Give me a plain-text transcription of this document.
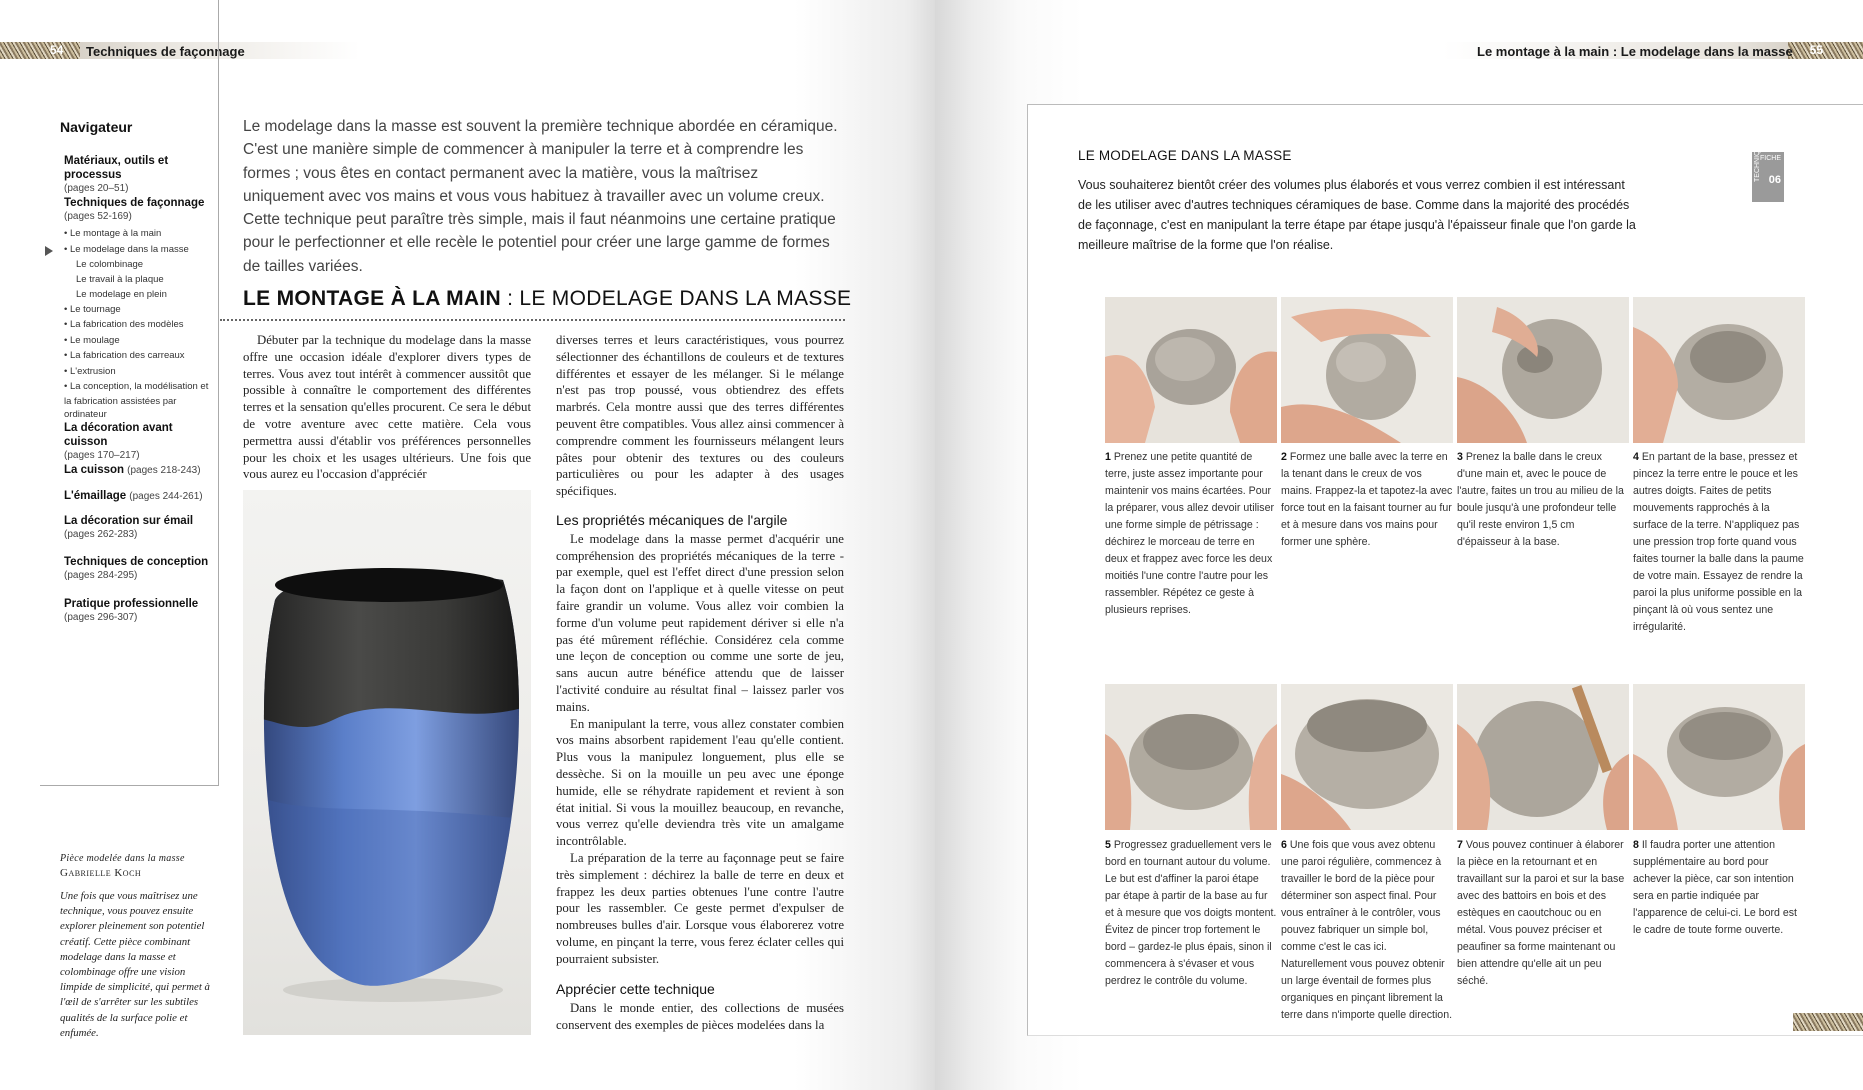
54 Techniques de façonnage
Navigateur
Matériaux, outils et processus
(pages 20–51)
Techniques de façonnage
(pages 52-169)
• Le montage à la main
• Le modelage dans la masse
Le colombinage
Le travail à la plaque
Le modelage en plein
• Le tournage
• La fabrication des modèles
• Le moulage
• La fabrication des carreaux
• L'extrusion
• La conception, la modélisation et
la fabrication assistées par ordinateur
La décoration avant cuisson
(pages 170–217)
La cuisson (pages 218-243)
L'émaillage (pages 244-261)
La décoration sur émail
(pages 262-283)
Techniques de conception
(pages 284-295)
Pratique professionnelle
(pages 296-307)
Le modelage dans la masse est souvent la première technique abordée en céramique. C'est une manière simple de commencer à manipuler la terre et à comprendre les formes ; vous êtes en contact permanent avec la matière, vous la maîtrisez uniquement avec vos mains et vous vous habituez à travailler avec un volume creux. Cette technique peut paraître très simple, mais il faut néanmoins une certaine pratique pour le perfectionner et elle recèle le potentiel pour créer une large gamme de formes de tailles variées.
LE MONTAGE À LA MAIN : LE MODELAGE DANS LA MASSE

Débuter par la technique du modelage dans la masse offre une occasion idéale d'explorer divers types de terres. Vous avez tout intérêt à commencer aussitôt que possible à connaître le comportement des différentes terres et la sensation qu'elles procurent. Ce sera le début de votre aventure avec cette matière. Cela vous permettra aussi d'établir vos préférences personnelles pour les choix et les usages ultérieurs. Une fois que vous aurez eu l'occasion d'appréciér

diverses terres et leurs caractéristiques, vous pourrez sélectionner des échantillons de couleurs et de textures différentes et essayer de les mélanger. Si le mélange n'est pas trop poussé, vous obtiendrez des effets marbrés. Cela montre aussi que des terres différentes peuvent être compatibles. Vous allez ainsi commencer à comprendre comment les fournisseurs mélangent leurs pâtes pour obtenir des textures ou des couleurs particulières ou pour les adapter à des usages spécifiques.

Les propriétés mécaniques de l'argile

Le modelage dans la masse permet d'acquérir une compréhension des propriétés mécaniques de la terre - par exemple, quel est l'effet direct d'une pression selon la façon dont on l'applique et à quelle vitesse on peut faire grandir un volume. Vous allez voir combien la forme d'un volume peut rapidement dériver si elle n'a pas été mûrement réfléchie. Considérez cela comme une leçon de conception ou comme une sorte de jeu, sans aucun autre bénéfice attendu que de laisser l'activité conduire au résultat final – laissez parler vos mains.

En manipulant la terre, vous allez constater combien vos mains absorbent rapidement l'eau qu'elle contient. Plus vous la manipulez longuement, plus elle se dessèche. Si on la mouille un peu avec une éponge humide, elle se réhydrate rapidement et revient à son état initial. Si vous la mouillez beaucoup, en revanche, vous verrez qu'elle deviendra très vite un amalgame incontrôlable.

La préparation de la terre au façonnage peut se faire très simplement : déchirez la balle de terre en deux et frappez les deux parties obtenues l'une contre l'autre pour les rassembler. Ce geste permet d'expulser de nombreuses bulles d'air. Lorsque vous élaborerez votre volume, en pinçant la terre, vous ferez éclater celles qui pourraient subsister.

Apprécier cette technique

Dans le monde entier, des collections de musées conservent des exemples de pièces modelées dans la

Pièce modelée dans la masse
Gabrielle Koch
Une fois que vous maîtrisez une technique, vous pouvez ensuite explorer pleinement son potentiel créatif. Cette pièce combinant modelage dans la masse et colombinage offre une vision limpide de simplicité, qui permet à l'œil de s'arrêter sur les subtiles qualités de la surface polie et enfumée.
55
Le montage à la main : Le modelage dans la masse
LE MODELAGE DANS LA MASSE
Vous souhaiterez bientôt créer des volumes plus élaborés et vous verrez combien il est intéressant de les utiliser avec d'autres techniques céramiques de base. Comme dans la majorité des procédés de façonnage, c'est en manipulant la terre étape par étape jusqu'à l'épaisseur finale que l'on garde la meilleure maîtrise de la forme que l'on réalise.
TECHNIQUE FICHE
06
1 Prenez une petite quantité de terre, juste assez importante pour maintenir vos mains écartées. Pour la préparer, vous allez devoir utiliser une forme simple de pétrissage : déchirez le morceau de terre en deux et frappez avec force les deux moitiés l'une contre l'autre pour les rassembler. Répétez ce geste à plusieurs reprises.
2 Formez une balle avec la terre en la tenant dans le creux de vos mains. Frappez-la et tapotez-la avec force tout en la faisant tourner au fur et à mesure dans vos mains pour former une sphère.
3 Prenez la balle dans le creux d'une main et, avec le pouce de l'autre, faites un trou au milieu de la boule jusqu'à une profondeur telle qu'il reste environ 1,5 cm d'épaisseur à la base.
4 En partant de la base, pressez et pincez la terre entre le pouce et les autres doigts. Faites de petits mouvements rapprochés à la surface de la terre. N'appliquez pas une pression trop forte quand vous faites tourner la balle dans la paume de votre main. Essayez de rendre la paroi la plus uniforme possible en la pinçant là où vous sentez une irrégularité.
5 Progressez graduellement vers le bord en tournant autour du volume. Le but est d'affiner la paroi étape par étape à partir de la base au fur et à mesure que vos doigts montent. Évitez de pincer trop fortement le bord – gardez-le plus épais, sinon il commencera à s'évaser et vous perdrez le contrôle du volume.
6 Une fois que vous avez obtenu une paroi régulière, commencez à travailler le bord de la pièce pour déterminer son aspect final. Pour vous entraîner à le contrôler, vous pouvez fabriquer un simple bol, comme c'est le cas ici. Naturellement vous pouvez obtenir un large éventail de formes plus organiques en pinçant librement la terre dans n'importe quelle direction.
7 Vous pouvez continuer à élaborer la pièce en la retournant et en travaillant sur la paroi et sur la base avec des battoirs en bois et des estèques en caoutchouc ou en métal. Vous pouvez préciser et peaufiner sa forme maintenant ou bien attendre qu'elle ait un peu séché.
8 Il faudra porter une attention supplémentaire au bord pour achever la pièce, car son intention sera en partie indiquée par l'apparence de celui-ci. Le bord est le cadre de toute forme ouverte.
